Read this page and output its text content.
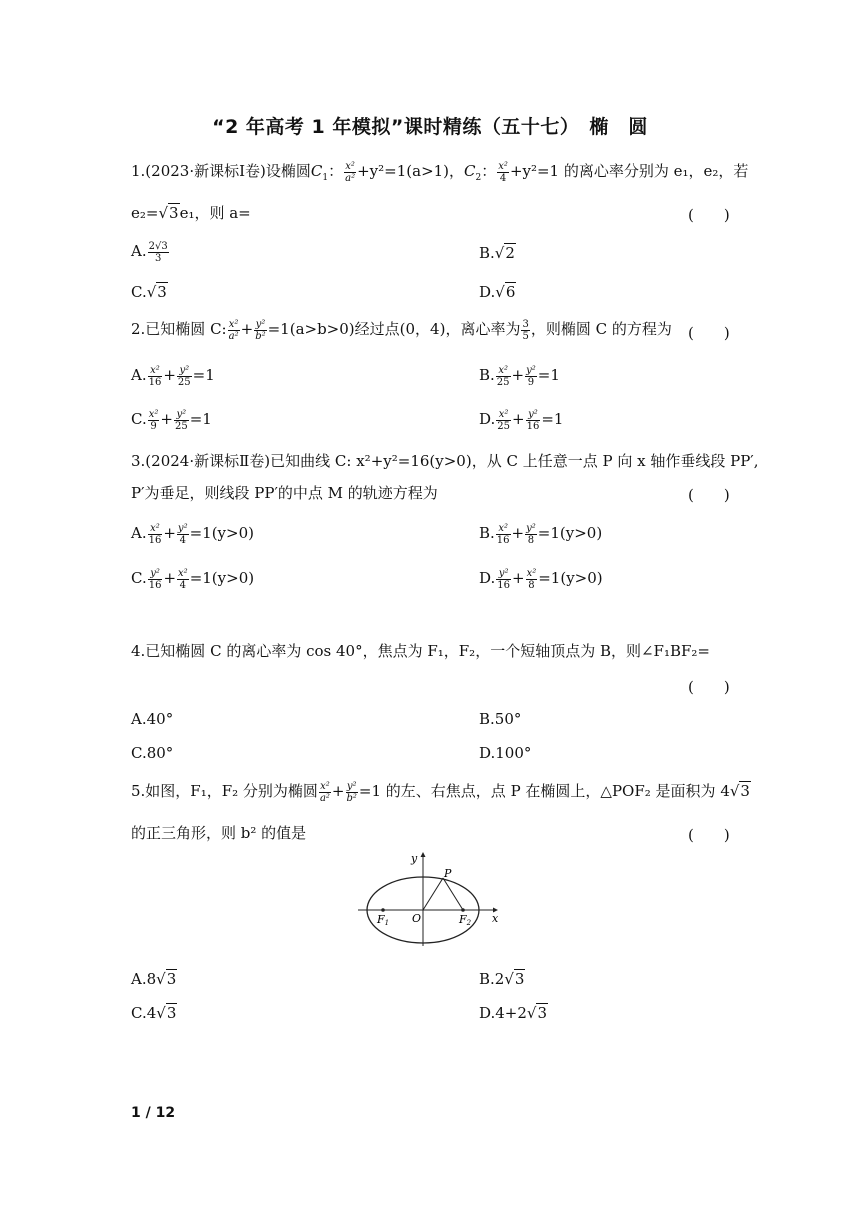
“2 年高考 1 年模拟”课时精练（五十七）　椭　圆
1.(2023·新课标Ⅰ卷)设椭圆$C_1$： $\frac{\text{x²}}{\text{a²}} +y^2=1(a>1)$，$C_2$： $\frac{\text{x²}}{4} +y^2=1$ 的离心率分别为 e₁，e₂，若
e₂=√3e₁，则 a=	(　　)
A. $\frac{2√3}{3}$	B.√2
C.√3	D.√6
2.已知椭圆 C: $\frac{\text{x²}}{\text{a²}} + \frac{\text{y²}}{\text{b²}} =1(a>b>0)$经过点(0，4)，离心率为 $\frac{3}{5}$ ，则椭圆 C 的方程为 (　　)
A. $\frac{\text{x²}}{16} + \frac{\text{y²}}{25} =1$	B. $\frac{\text{x²}}{25} + \frac{\text{y²}}{9} =1$
C. $\frac{\text{x²}}{9} + \frac{\text{y²}}{25} =1$	D. $\frac{\text{x²}}{25} + \frac{\text{y²}}{16} =1$
3.(2024·新课标Ⅱ卷)已知曲线 C: x²+y²=16(y>0)，从 C 上任意一点 P 向 x 轴作垂线段 PP′,
P′为垂足，则线段 PP′的中点 M 的轨迹方程为	(　　)
A. $\frac{\text{x²}}{16} + \frac{\text{y²}}{4} =1(y>0)$	B. $\frac{\text{x²}}{16} + \frac{\text{y²}}{8} =1(y>0)$
C. $\frac{\text{y²}}{16} + \frac{\text{x²}}{4} =1(y>0)$	D. $\frac{\text{y²}}{16} + \frac{\text{x²}}{8} =1(y>0)$
4.已知椭圆 C 的离心率为 cos 40°，焦点为 F₁，F₂，一个短轴顶点为 B，则∠F₁BF₂=
(　　)
A.40°	B.50°
C.80°	D.100°
5.如图，F₁，F₂ 分别为椭圆 $\frac{\text{x²}}{\text{a²}} + \frac{\text{y²}}{\text{b²}} =1$ 的左、右焦点，点 P 在椭圆上，△POF₂ 是面积为 4√3
的正三角形，则 b² 的值是	(　　)
y
x
P
O
F1	F2
A.8√3	B.2√3
C.4√3	D.4+2√3
1 / 12
